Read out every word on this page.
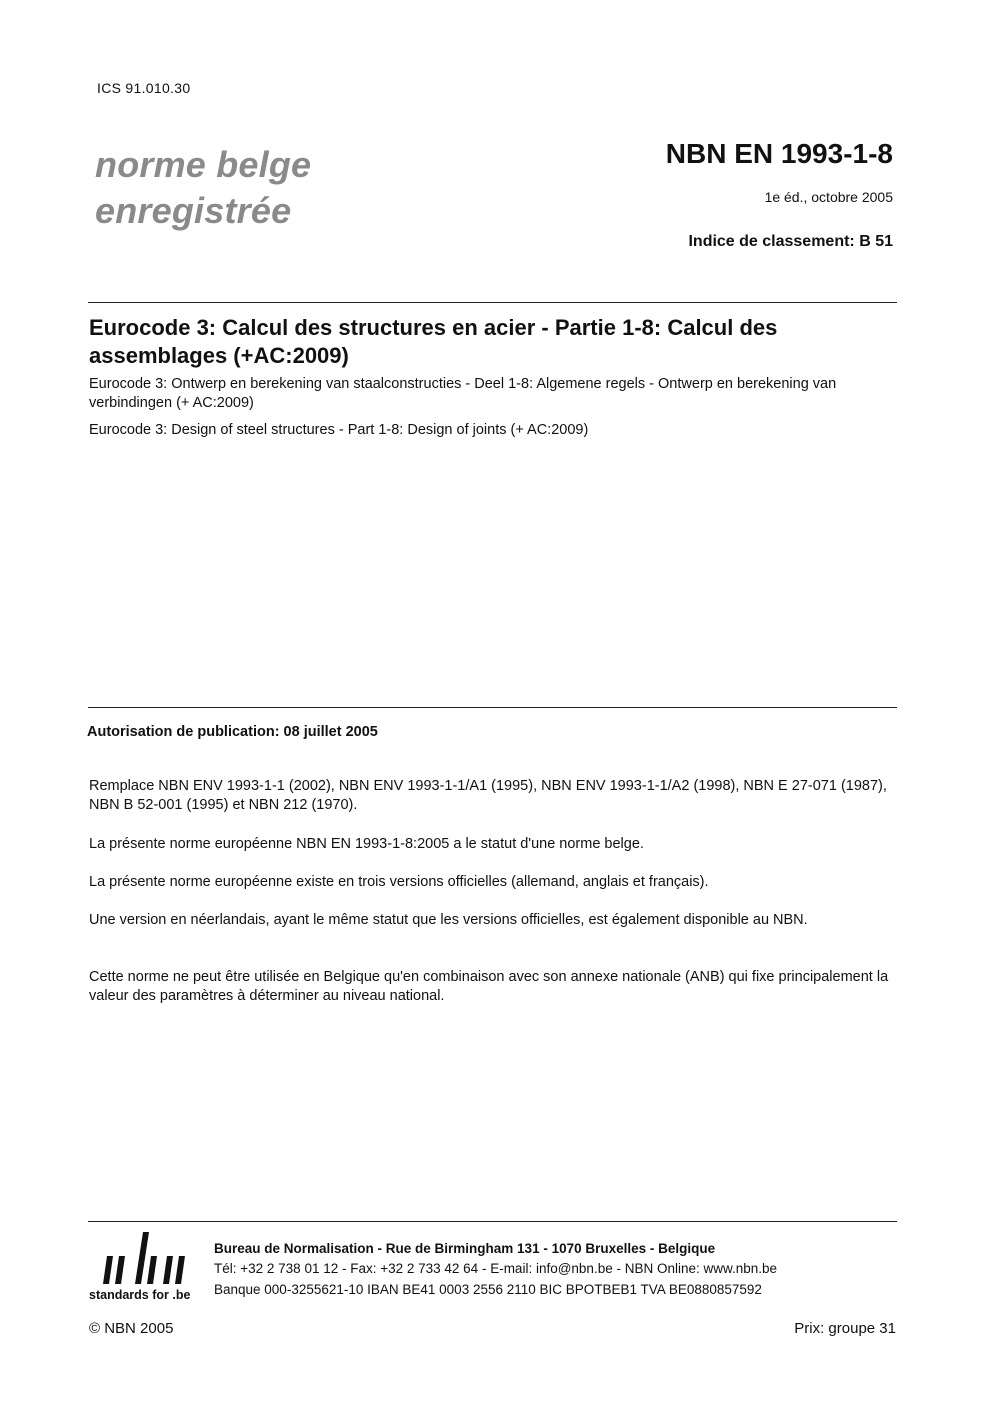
ICS 91.010.30
norme belge
enregistrée
NBN EN 1993-1-8
1e éd., octobre 2005
Indice de classement: B 51
Eurocode 3: Calcul des structures en acier - Partie 1-8: Calcul des assemblages (+AC:2009)
Eurocode 3: Ontwerp en berekening van staalconstructies - Deel 1-8: Algemene regels - Ontwerp en berekening van verbindingen (+ AC:2009)
Eurocode 3: Design of steel structures - Part 1-8: Design of joints (+ AC:2009)
Autorisation de publication: 08 juillet 2005
Remplace NBN ENV 1993-1-1 (2002), NBN ENV 1993-1-1/A1 (1995), NBN ENV 1993-1-1/A2 (1998), NBN E 27-071 (1987), NBN B 52-001 (1995) et NBN 212 (1970).
La présente norme européenne NBN EN 1993-1-8:2005 a le statut d'une norme belge.
La présente norme européenne existe en trois versions officielles (allemand, anglais et français).
Une version en néerlandais, ayant le même statut que les versions officielles, est également disponible au NBN.
Cette norme ne peut être utilisée en Belgique qu'en combinaison avec son annexe nationale (ANB) qui fixe principalement la valeur des paramètres à déterminer au niveau national.
nbn
standards for .be
Bureau de Normalisation - Rue de Birmingham 131 - 1070 Bruxelles - Belgique
Tél: +32 2 738 01 12 - Fax: +32 2 733 42 64 - E-mail: info@nbn.be - NBN Online: www.nbn.be
Banque 000-3255621-10 IBAN BE41 0003 2556 2110 BIC BPOTBEB1 TVA BE0880857592
© NBN 2005	Prix: groupe 31
